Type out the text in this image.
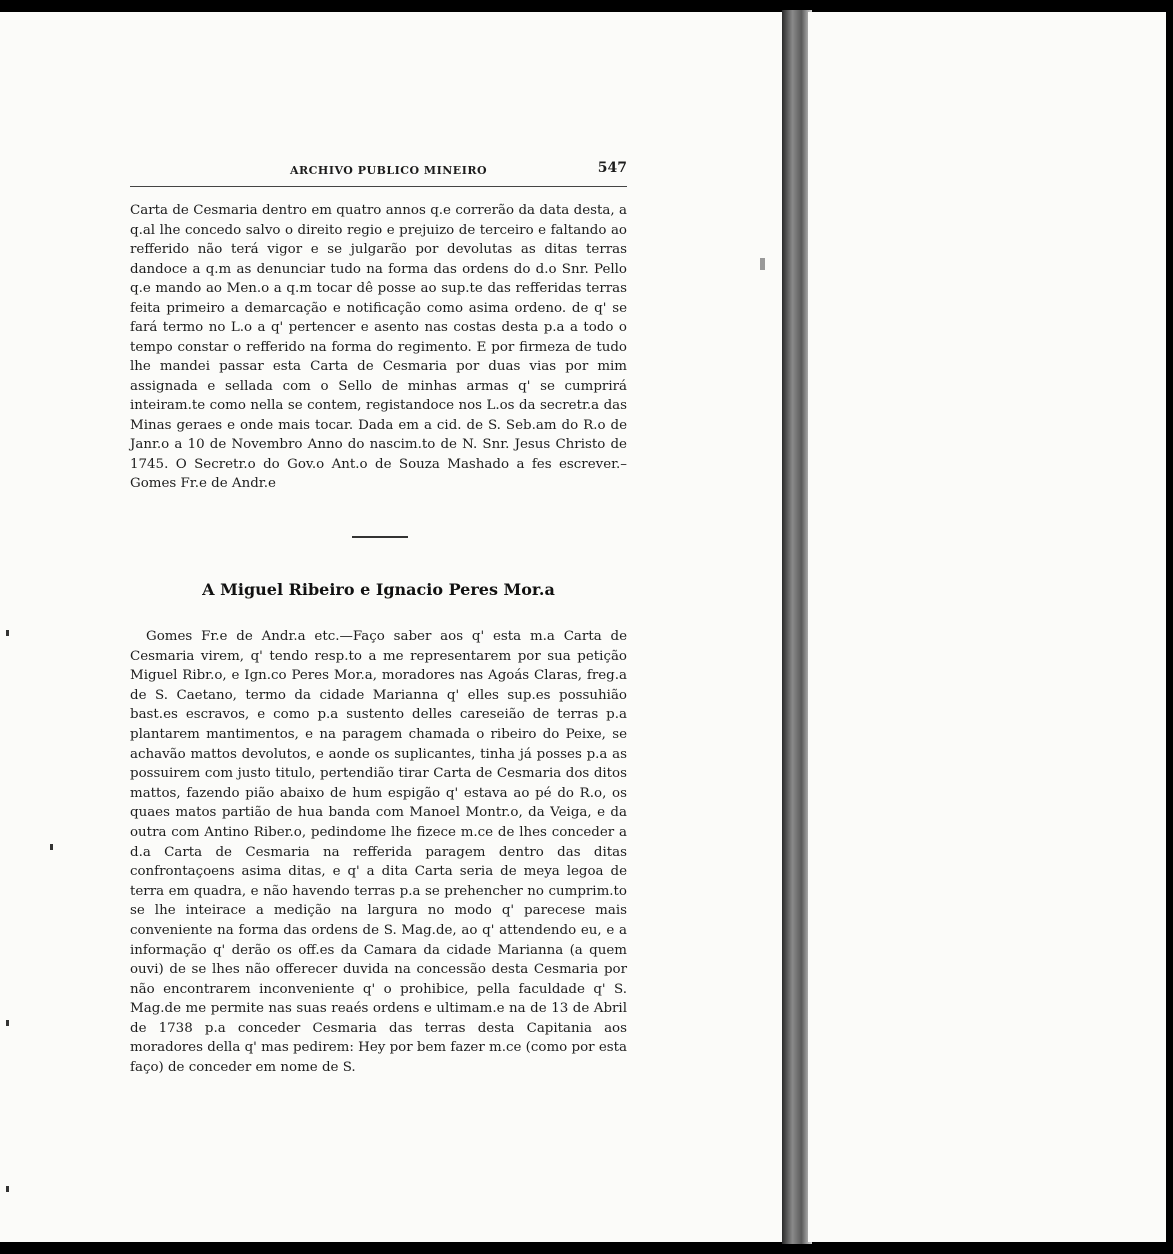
ARCHIVO PUBLICO MINEIRO	547

Carta de Cesmaria dentro em quatro annos q.e correrão da data desta, a q.al lhe concedo salvo o direito regio e prejuizo de terceiro e faltando ao refferido não terá vigor e se julgarão por devolutas as ditas terras dandoce a q.m as denunciar tudo na forma das ordens do d.o Snr. Pello q.e mando ao Men.o a q.m tocar dê posse ao sup.te das refferidas terras feita primeiro a demarcação e notificação como asima ordeno. de q' se fará termo no L.o a q' pertencer e asento nas costas desta p.a a todo o tempo constar o refferido na forma do regimento. E por firmeza de tudo lhe mandei passar esta Carta de Cesmaria por duas vias por mim assignada e sellada com o Sello de minhas armas q' se cumprirá inteiram.te como nella se contem, registandoce nos L.os da secretr.a das Minas geraes e onde mais tocar. Dada em a cid. de S. Seb.am do R.o de Janr.o a 10 de Novembro Anno do nascim.to de N. Snr. Jesus Christo de 1745. O Secretr.o do Gov.o Ant.o de Souza Mashado a fes escrever.– Gomes Fr.e de Andr.e

A Miguel Ribeiro e Ignacio Peres Mor.a

Gomes Fr.e de Andr.a etc.—Faço saber aos q' esta m.a Carta de Cesmaria virem, q' tendo resp.to a me representarem por sua petição Miguel Ribr.o, e Ign.co Peres Mor.a, moradores nas Agoás Claras, freg.a de S. Caetano, termo da cidade Marianna q' elles sup.es possuhião bast.es escravos, e como p.a sustento delles careseião de terras p.a plantarem mantimentos, e na paragem chamada o ribeiro do Peixe, se achavão mattos devolutos, e aonde os suplicantes, tinha já posses p.a as possuirem com justo titulo, pertendião tirar Carta de Cesmaria dos ditos mattos, fazendo pião abaixo de hum espigão q' estava ao pé do R.o, os quaes matos partião de hua banda com Manoel Montr.o, da Veiga, e da outra com Antino Riber.o, pedindome lhe fizece m.ce de lhes conceder a d.a Carta de Cesmaria na refferida paragem dentro das ditas confrontaçoens asima ditas, e q' a dita Carta seria de meya legoa de terra em quadra, e não havendo terras p.a se prehencher no cumprim.to se lhe inteirace a medição na largura no modo q' parecese mais conveniente na forma das ordens de S. Mag.de, ao q' attendendo eu, e a informação q' derão os off.es da Camara da cidade Marianna (a quem ouvi) de se lhes não offerecer duvida na concessão desta Cesmaria por não encontrarem inconveniente q' o prohibice, pella faculdade q' S. Mag.de me permite nas suas reaés ordens e ultimam.e na de 13 de Abril de 1738 p.a conceder Cesmaria das terras desta Capitania aos moradores della q' mas pedirem: Hey por bem fazer m.ce (como por esta faço) de conceder em nome de S.
